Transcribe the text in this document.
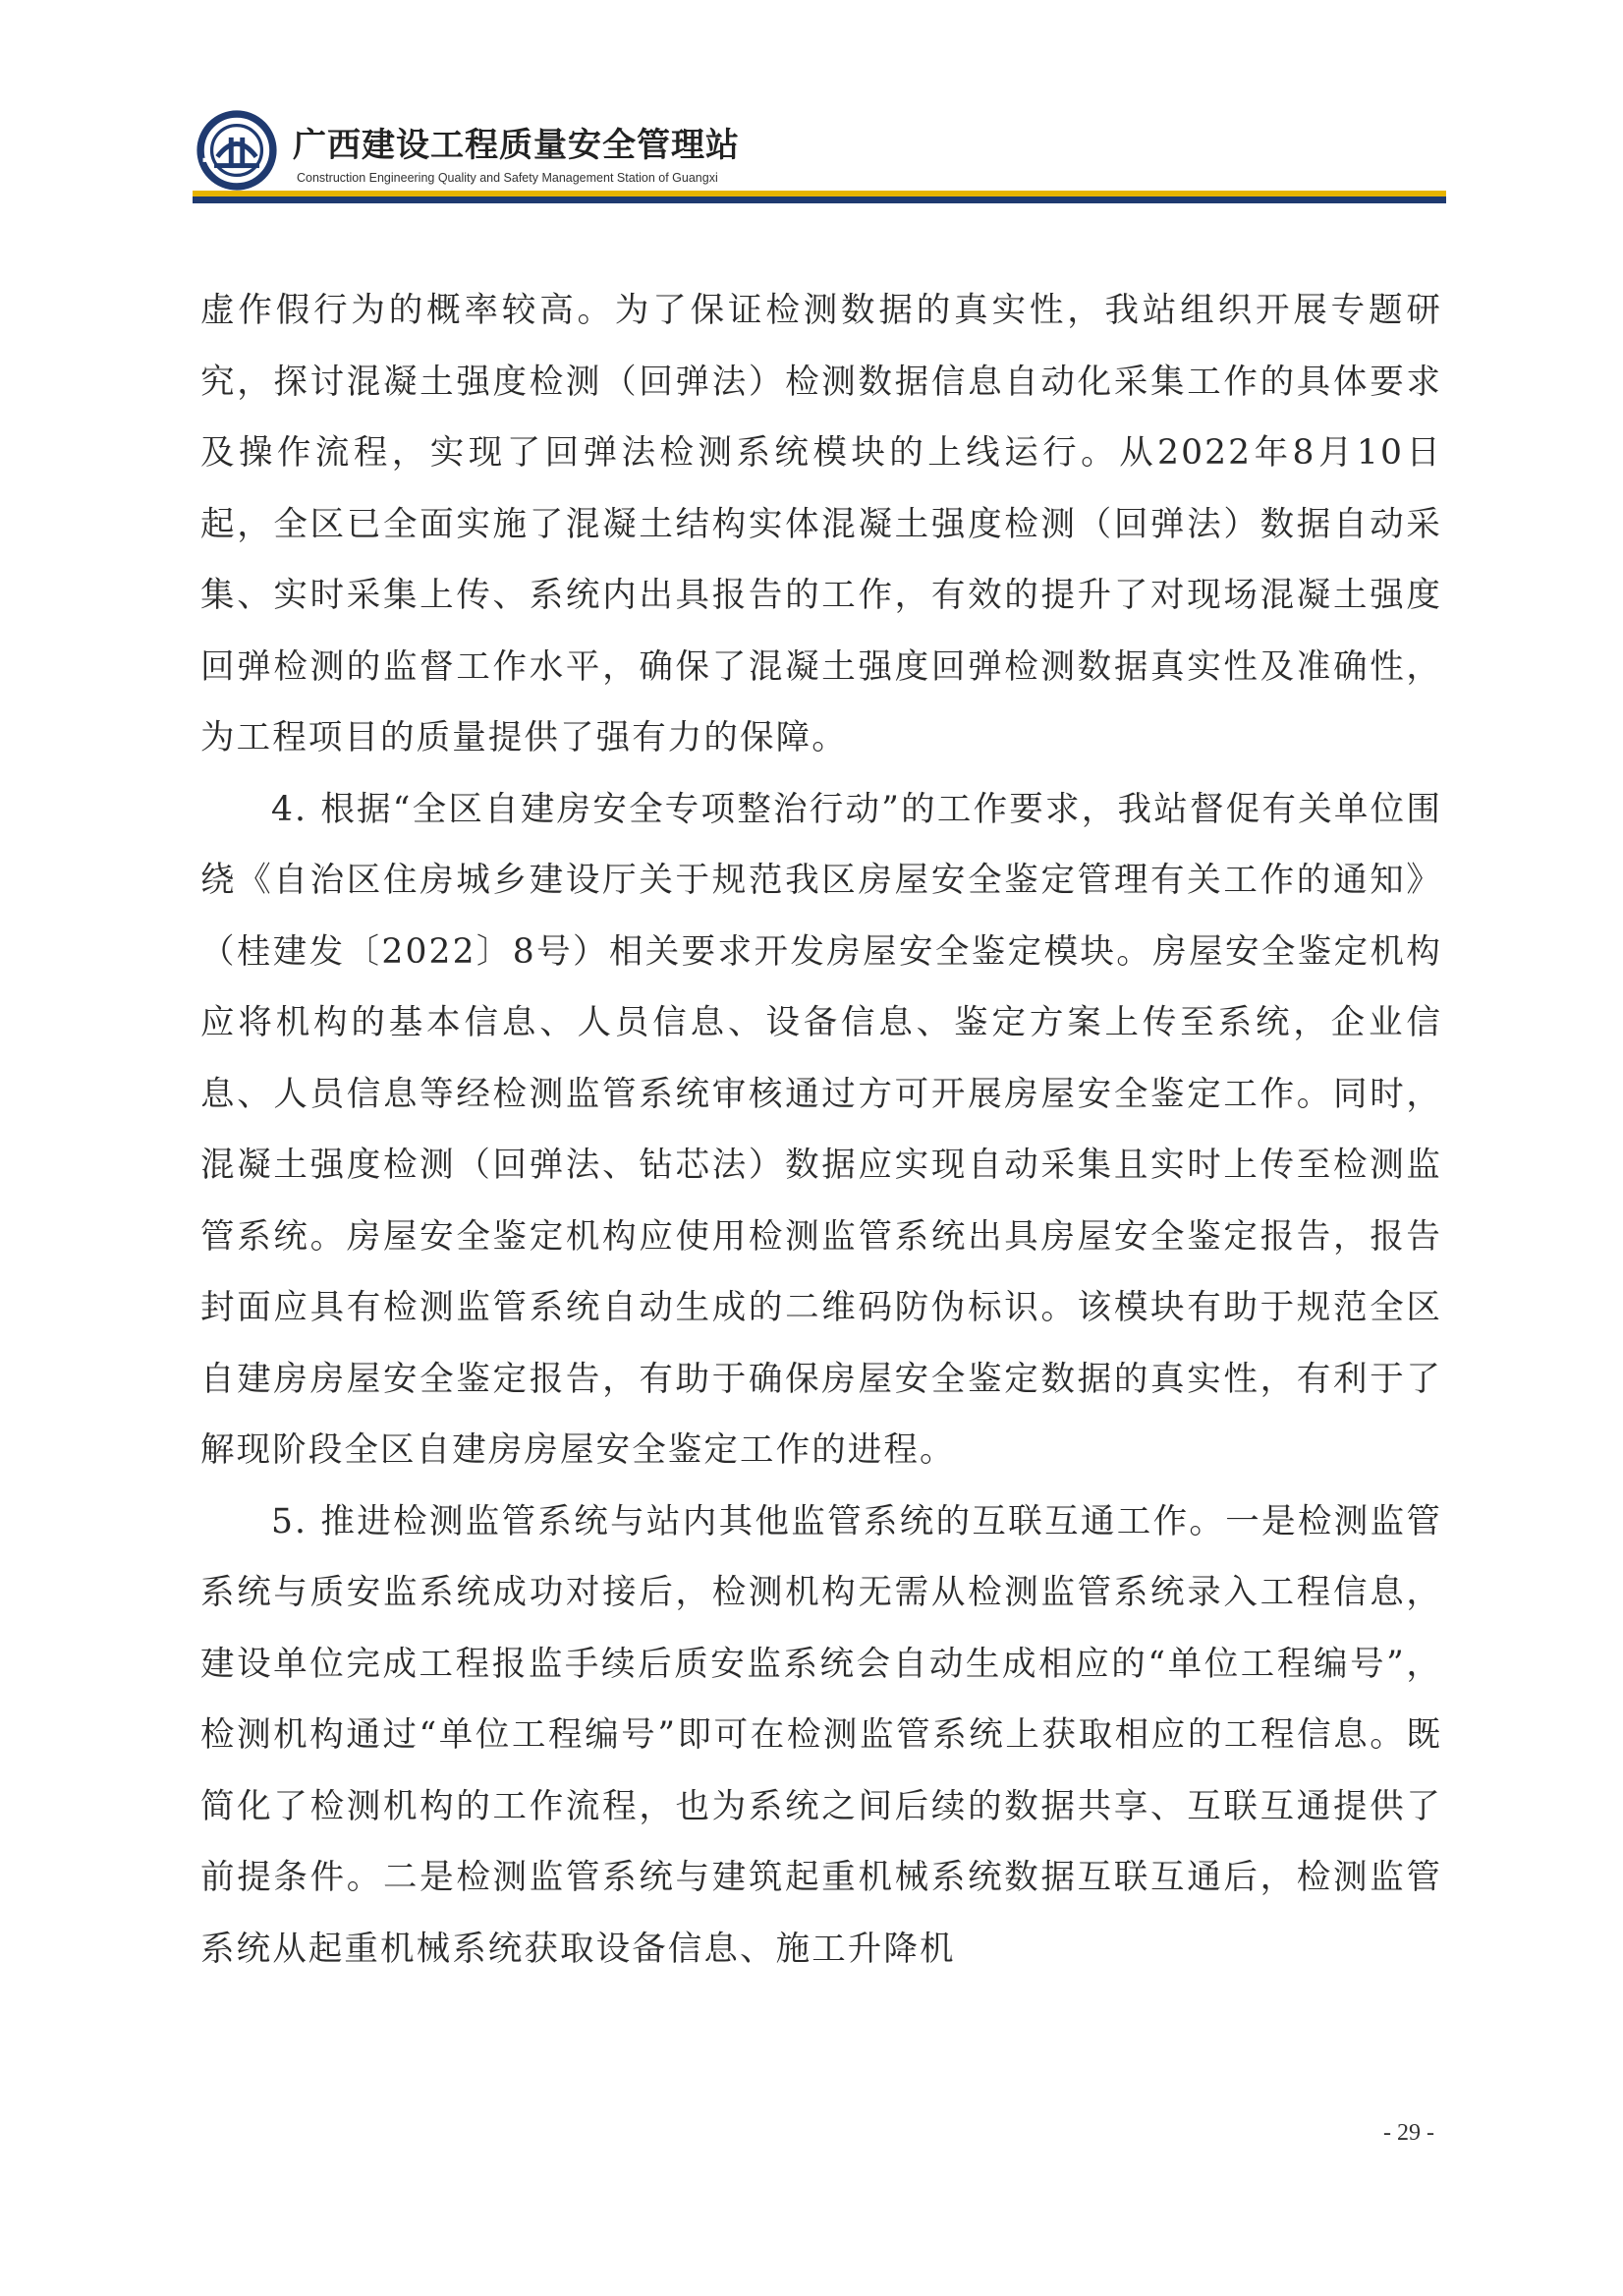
广西建设工程质量安全管理站
Construction Engineering Quality and Safety Management Station of Guangxi

虚作假行为的概率较高。为了保证检测数据的真实性，我站组织开展专题研究，探讨混凝土强度检测（回弹法）检测数据信息自动化采集工作的具体要求及操作流程，实现了回弹法检测系统模块的上线运行。从2022年8月10日起，全区已全面实施了混凝土结构实体混凝土强度检测（回弹法）数据自动采集、实时采集上传、系统内出具报告的工作，有效的提升了对现场混凝土强度回弹检测的监督工作水平，确保了混凝土强度回弹检测数据真实性及准确性，为工程项目的质量提供了强有力的保障。

4. 根据“全区自建房安全专项整治行动”的工作要求，我站督促有关单位围绕《自治区住房城乡建设厅关于规范我区房屋安全鉴定管理有关工作的通知》（桂建发〔2022〕8号）相关要求开发房屋安全鉴定模块。房屋安全鉴定机构应将机构的基本信息、人员信息、设备信息、鉴定方案上传至系统，企业信息、人员信息等经检测监管系统审核通过方可开展房屋安全鉴定工作。同时，混凝土强度检测（回弹法、钻芯法）数据应实现自动采集且实时上传至检测监管系统。房屋安全鉴定机构应使用检测监管系统出具房屋安全鉴定报告，报告封面应具有检测监管系统自动生成的二维码防伪标识。该模块有助于规范全区自建房房屋安全鉴定报告，有助于确保房屋安全鉴定数据的真实性，有利于了解现阶段全区自建房房屋安全鉴定工作的进程。

5. 推进检测监管系统与站内其他监管系统的互联互通工作。一是检测监管系统与质安监系统成功对接后，检测机构无需从检测监管系统录入工程信息，建设单位完成工程报监手续后质安监系统会自动生成相应的“单位工程编号”，检测机构通过“单位工程编号”即可在检测监管系统上获取相应的工程信息。既简化了检测机构的工作流程，也为系统之间后续的数据共享、互联互通提供了前提条件。二是检测监管系统与建筑起重机械系统数据互联互通后，检测监管系统从起重机械系统获取设备信息、施工升降机

- 29 -
